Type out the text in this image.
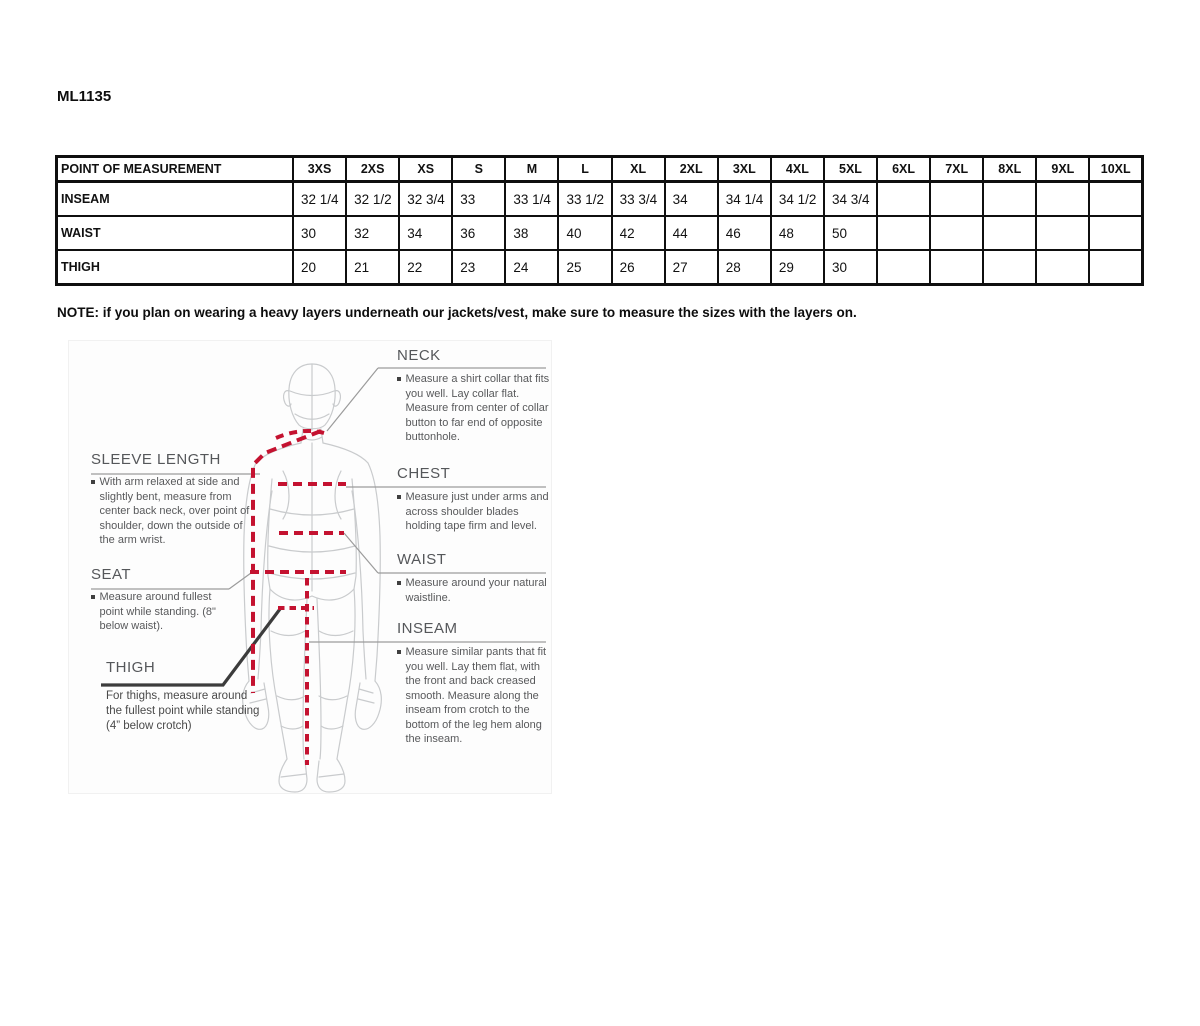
ML1135
POINT OF MEASUREMENT	3XS	2XS	XS	S	M	L	XL	2XL	3XL	4XL	5XL	6XL	7XL	8XL	9XL	10XL
INSEAM	32 1/4	32 1/2	32 3/4	33	33 1/4	33 1/2	33 3/4	34	34 1/4	34 1/2	34 3/4					
WAIST	30	32	34	36	38	40	42	44	46	48	50					
THIGH	20	21	22	23	24	25	26	27	28	29	30					
NOTE: if you plan on wearing a heavy layers underneath our jackets/vest, make sure to measure the sizes with the layers on.
NECK
Measure a shirt collar that fits you well. Lay collar flat. Measure from center of collar button to far end of opposite buttonhole.
CHEST
Measure just under arms and across shoulder blades holding tape firm and level.
WAIST
Measure around your natural waistline.
INSEAM
Measure similar pants that fit you well. Lay them flat, with the front and back creased smooth. Measure along the inseam from crotch to the bottom of the leg hem along the inseam.
SLEEVE LENGTH
With arm relaxed at side and slightly bent, measure from center back neck, over point of shoulder, down the outside of the arm wrist.
SEAT
Measure around fullest point while standing. (8" below waist).
THIGH
For thighs, measure around the fullest point while standing (4” below crotch)
